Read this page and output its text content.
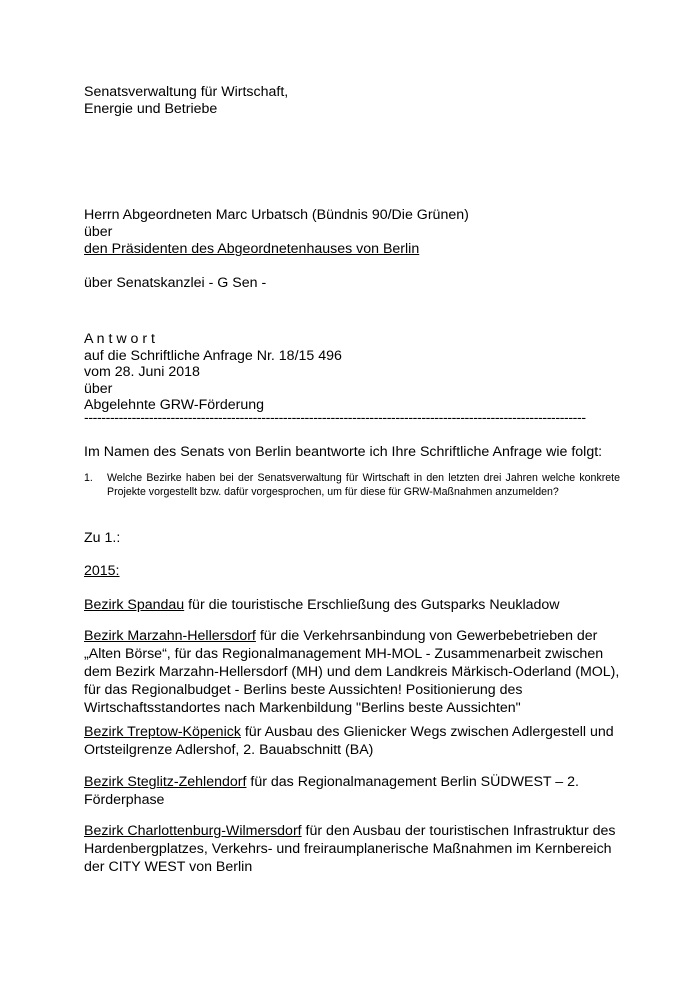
Senatsverwaltung für Wirtschaft,
Energie und Betriebe
Herrn Abgeordneten Marc Urbatsch (Bündnis 90/Die Grünen)
über
den Präsidenten des Abgeordnetenhauses von Berlin
über Senatskanzlei - G Sen -
A n t w o r t
auf die Schriftliche Anfrage Nr. 18/15 496
vom 28. Juni 2018
über
Abgelehnte GRW-Förderung
--------------------------------------------------------------------------------------------------------------------
Im Namen des Senats von Berlin beantworte ich Ihre Schriftliche Anfrage wie folgt:
1. Welche Bezirke haben bei der Senatsverwaltung für Wirtschaft in den letzten drei Jahren welche konkrete Projekte vorgestellt bzw. dafür vorgesprochen, um für diese für GRW-Maßnahmen anzumelden?
Zu 1.:
2015:
Bezirk Spandau für die touristische Erschließung des Gutsparks Neukladow
Bezirk Marzahn-Hellersdorf für die Verkehrsanbindung von Gewerbebetrieben der „Alten Börse“, für das Regionalmanagement MH-MOL - Zusammenarbeit zwischen dem Bezirk Marzahn-Hellersdorf (MH) und dem Landkreis Märkisch-Oderland (MOL), für das Regionalbudget - Berlins beste Aussichten! Positionierung des Wirtschaftsstandortes nach Markenbildung "Berlins beste Aussichten"
Bezirk Treptow-Köpenick für Ausbau des Glienicker Wegs zwischen Adlergestell und Ortsteilgrenze Adlershof, 2. Bauabschnitt (BA)
Bezirk Steglitz-Zehlendorf für das Regionalmanagement Berlin SÜDWEST – 2. Förderphase
Bezirk Charlottenburg-Wilmersdorf für den Ausbau der touristischen Infrastruktur des Hardenbergplatzes, Verkehrs- und freiraumplanerische Maßnahmen im Kernbereich der CITY WEST von Berlin
